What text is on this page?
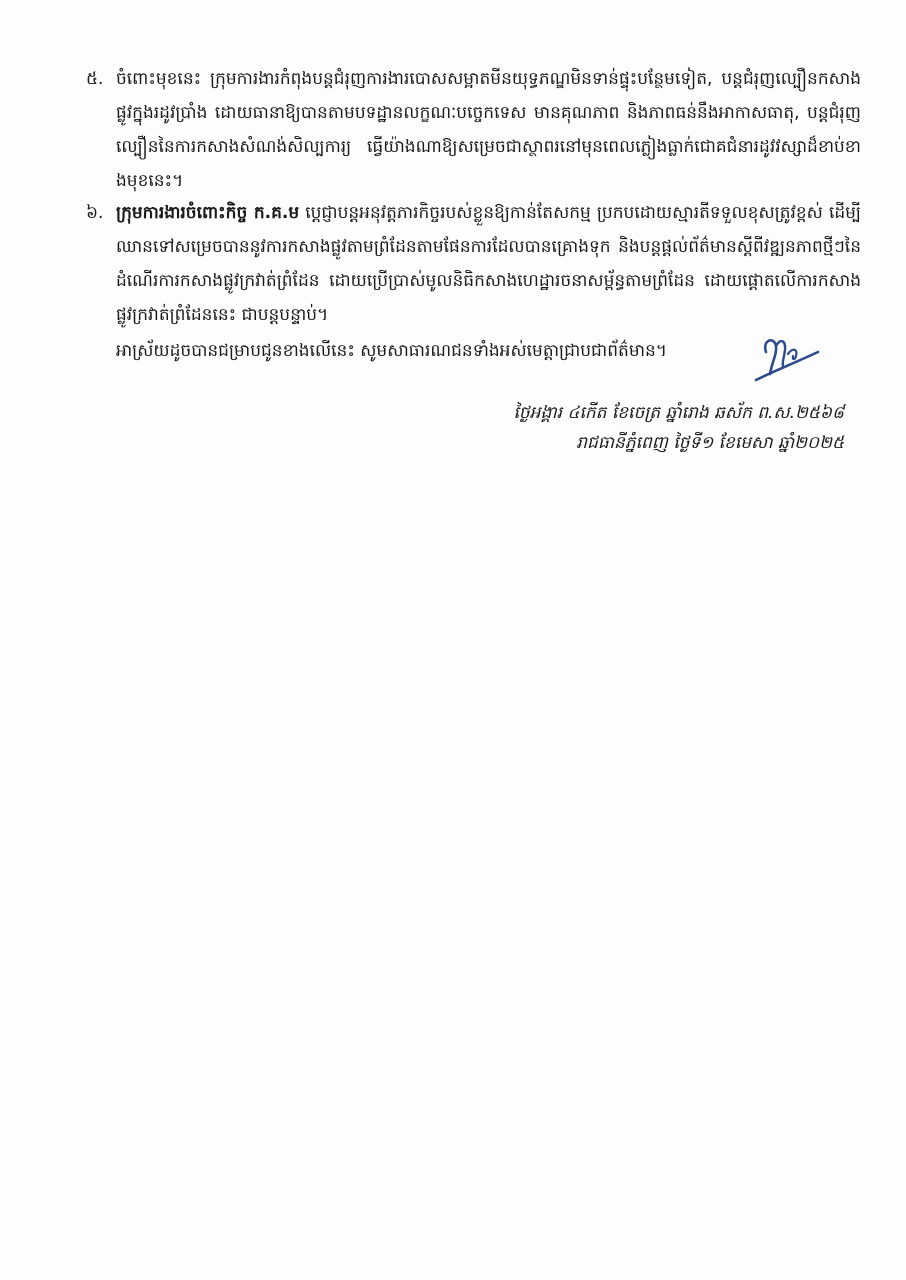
៥. ចំពោះមុខនេះ ក្រុមការងារកំពុងបន្តជំរុញការងារបោសសម្អាតមីនយុទ្ធភណ្ឌមិនទាន់ផ្ទុះបន្ថែមទៀត, បន្តជំរុញល្បឿនកសាងផ្លូវក្នុងរដូវប្រាំង ដោយធានាឱ្យបានតាមបទដ្ឋានលក្ខណៈបច្ចេកទេស មានគុណភាព និងភាពធន់នឹងអាកាសធាតុ, បន្តជំរុញល្បឿននៃការកសាងសំណង់សិល្បការ្យ ធ្វើយ៉ាងណាឱ្យសម្រេចជាស្ថាពរនៅមុនពេលភ្លៀងធ្លាក់ជោគជំនារដូវវស្សាដ៏ខាប់ខាងមុខនេះ។
៦. ក្រុមការងារចំពោះកិច្ច ក.គ.ម ប្តេជ្ញាបន្តអនុវត្តភារកិច្ចរបស់ខ្លួនឱ្យកាន់តែសកម្ម ប្រកបដោយស្មារតីទទួលខុសត្រូវខ្ពស់ ដើម្បីឈានទៅសម្រេចបាននូវការកសាងផ្លូវតាមព្រំដែនតាមផែនការដែលបានគ្រោងទុក និងបន្តផ្តល់ព័ត៌មានស្តីពីវឌ្ឍនភាពថ្មីៗនៃដំណើរការកសាងផ្លូវក្រវាត់ព្រំដែន ដោយប្រើប្រាស់មូលនិធិកសាងហេដ្ឋារចនាសម្ព័ន្ធតាមព្រំដែន ដោយផ្តោតលើការកសាងផ្លូវក្រវាត់ព្រំដែននេះ ជាបន្តបន្ទាប់។
អាស្រ័យដូចបានជម្រាបជូនខាងលើនេះ សូមសាធារណជនទាំងអស់មេត្តាជ្រាបជាព័ត៌មាន។
ថ្ងៃអង្គារ ៤កើត ខែចេត្រ ឆ្នាំរោង ឆស័ក ព.ស.២៥៦៨
រាជធានីភ្នំពេញ ថ្ងៃទី១ ខែមេសា ឆ្នាំ២០២៥
